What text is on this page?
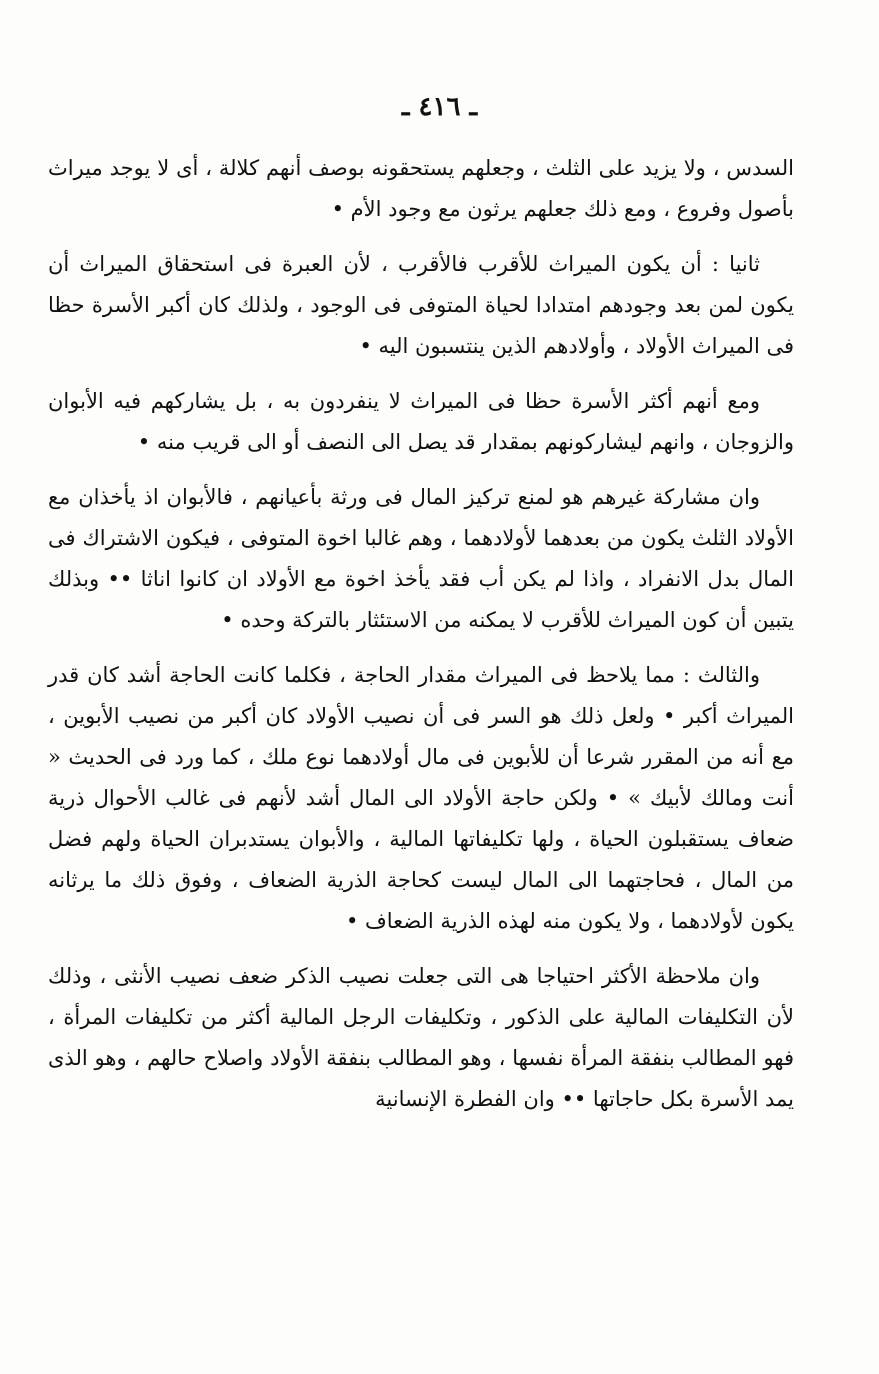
ـ ٤١٦ ـ

السدس ، ولا يزيد على الثلث ، وجعلهم يستحقونه بوصف أنهم كلالة ، أى لا يوجد ميراث بأصول وفروع ، ومع ذلك جعلهم يرثون مع وجود الأم •

ثانيا : أن يكون الميراث للأقرب فالأقرب ، لأن العبرة فى استحقاق الميراث أن يكون لمن بعد وجودهم امتدادا لحياة المتوفى فى الوجود ، ولذلك كان أكبر الأسرة حظا فى الميراث الأولاد ، وأولادهم الذين ينتسبون اليه •

ومع أنهم أكثر الأسرة حظا فى الميراث لا ينفردون به ، بل يشاركهم فيه الأبوان والزوجان ، وانهم ليشاركونهم بمقدار قد يصل الى النصف أو الى قريب منه •

وان مشاركة غيرهم هو لمنع تركيز المال فى ورثة بأعيانهم ، فالأبوان اذ يأخذان مع الأولاد الثلث يكون من بعدهما لأولادهما ، وهم غالبا اخوة المتوفى ، فيكون الاشتراك فى المال بدل الانفراد ، واذا لم يكن أب فقد يأخذ اخوة مع الأولاد ان كانوا اناثا •• وبذلك يتبين أن كون الميراث للأقرب لا يمكنه من الاستئثار بالتركة وحده •

والثالث : مما يلاحظ فى الميراث مقدار الحاجة ، فكلما كانت الحاجة أشد كان قدر الميراث أكبر • ولعل ذلك هو السر فى أن نصيب الأولاد كان أكبر من نصيب الأبوين ، مع أنه من المقرر شرعا أن للأبوين فى مال أولادهما نوع ملك ، كما ورد فى الحديث « أنت ومالك لأبيك » • ولكن حاجة الأولاد الى المال أشد لأنهم فى غالب الأحوال ذرية ضعاف يستقبلون الحياة ، ولها تكليفاتها المالية ، والأبوان يستدبران الحياة ولهم فضل من المال ، فحاجتهما الى المال ليست كحاجة الذرية الضعاف ، وفوق ذلك ما يرثانه يكون لأولادهما ، ولا يكون منه لهذه الذرية الضعاف •

وان ملاحظة الأكثر احتياجا هى التى جعلت نصيب الذكر ضعف نصيب الأنثى ، وذلك لأن التكليفات المالية على الذكور ، وتكليفات الرجل المالية أكثر من تكليفات المرأة ، فهو المطالب بنفقة المرأة نفسها ، وهو المطالب بنفقة الأولاد واصلاح حالهم ، وهو الذى يمد الأسرة بكل حاجاتها •• وان الفطرة الإنسانية
